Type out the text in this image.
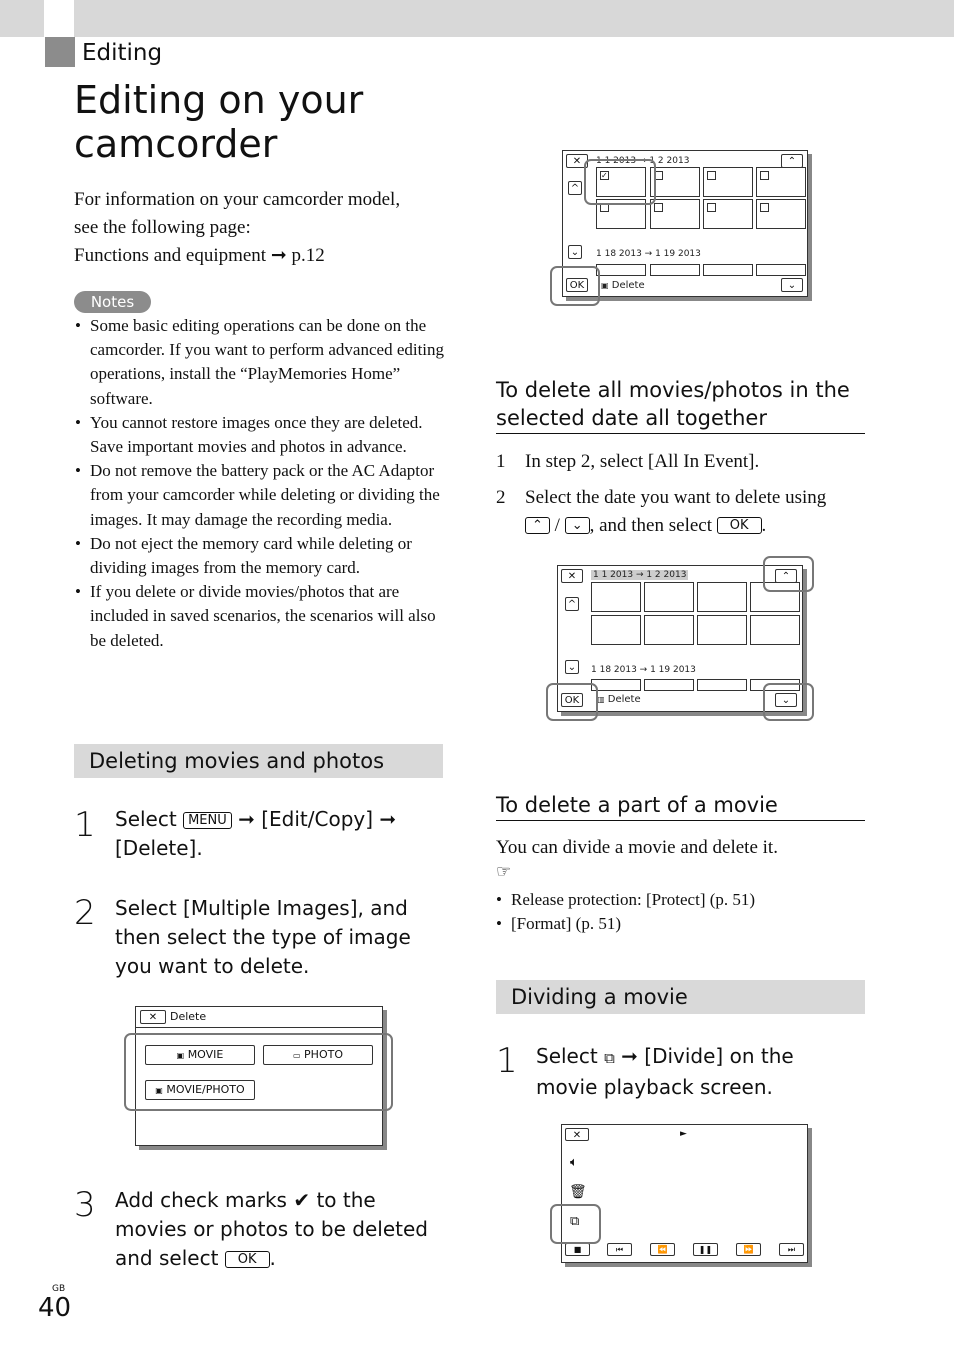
Editing
Editing on your
camcorder
For information on your camcorder model,
see the following page:
Functions and equipment ➞ p.12
Notes
• Some basic editing operations can be done on the camcorder. If you want to perform advanced editing operations, install the “PlayMemories Home” software.
• You cannot restore images once they are deleted. Save important movies and photos in advance.
• Do not remove the battery pack or the AC Adaptor from your camcorder while deleting or dividing the images. It may damage the recording media.
• Do not eject the memory card while deleting or dividing images from the memory card.
• If you delete or divide movies/photos that are included in saved scenarios, the scenarios will also be deleted.
Deleting movies and photos
1 Select MENU ➞ [Edit/Copy] ➞ [Delete].
2 Select [Multiple Images], and then select the type of image you want to delete.
✕	Delete
▣ MOVIE	▭ PHOTO
▣ MOVIE/PHOTO
3 Add check marks ✔ to the movies or photos to be deleted and select OK .
GB
40
✕
^
⌄
OK
⌃
⌄
1 1 2013 → 1 2 2013
1 18 2013 → 1 19 2013
▣ Delete
✓
To delete all movies/photos in the
selected date all together
1 In step 2, select [All In Event].
2 Select the date you want to delete using
⌃ / ⌄ , and then select OK .
✕
^
⌄
OK
⌃
⌄
1 1 2013 → 1 2 2013
1 18 2013 → 1 19 2013
▥ Delete
To delete a part of a movie
You can divide a movie and delete it.
☞
• Release protection: [Protect] (p. 51)
• [Format] (p. 51)
Dividing a movie
1 Select ⧉ ➞ [Divide] on the
movie playback screen.
✕	►
🔈︎
🗑︎
⧉
■	⏮	⏪	❚❚	⏩	⏭
